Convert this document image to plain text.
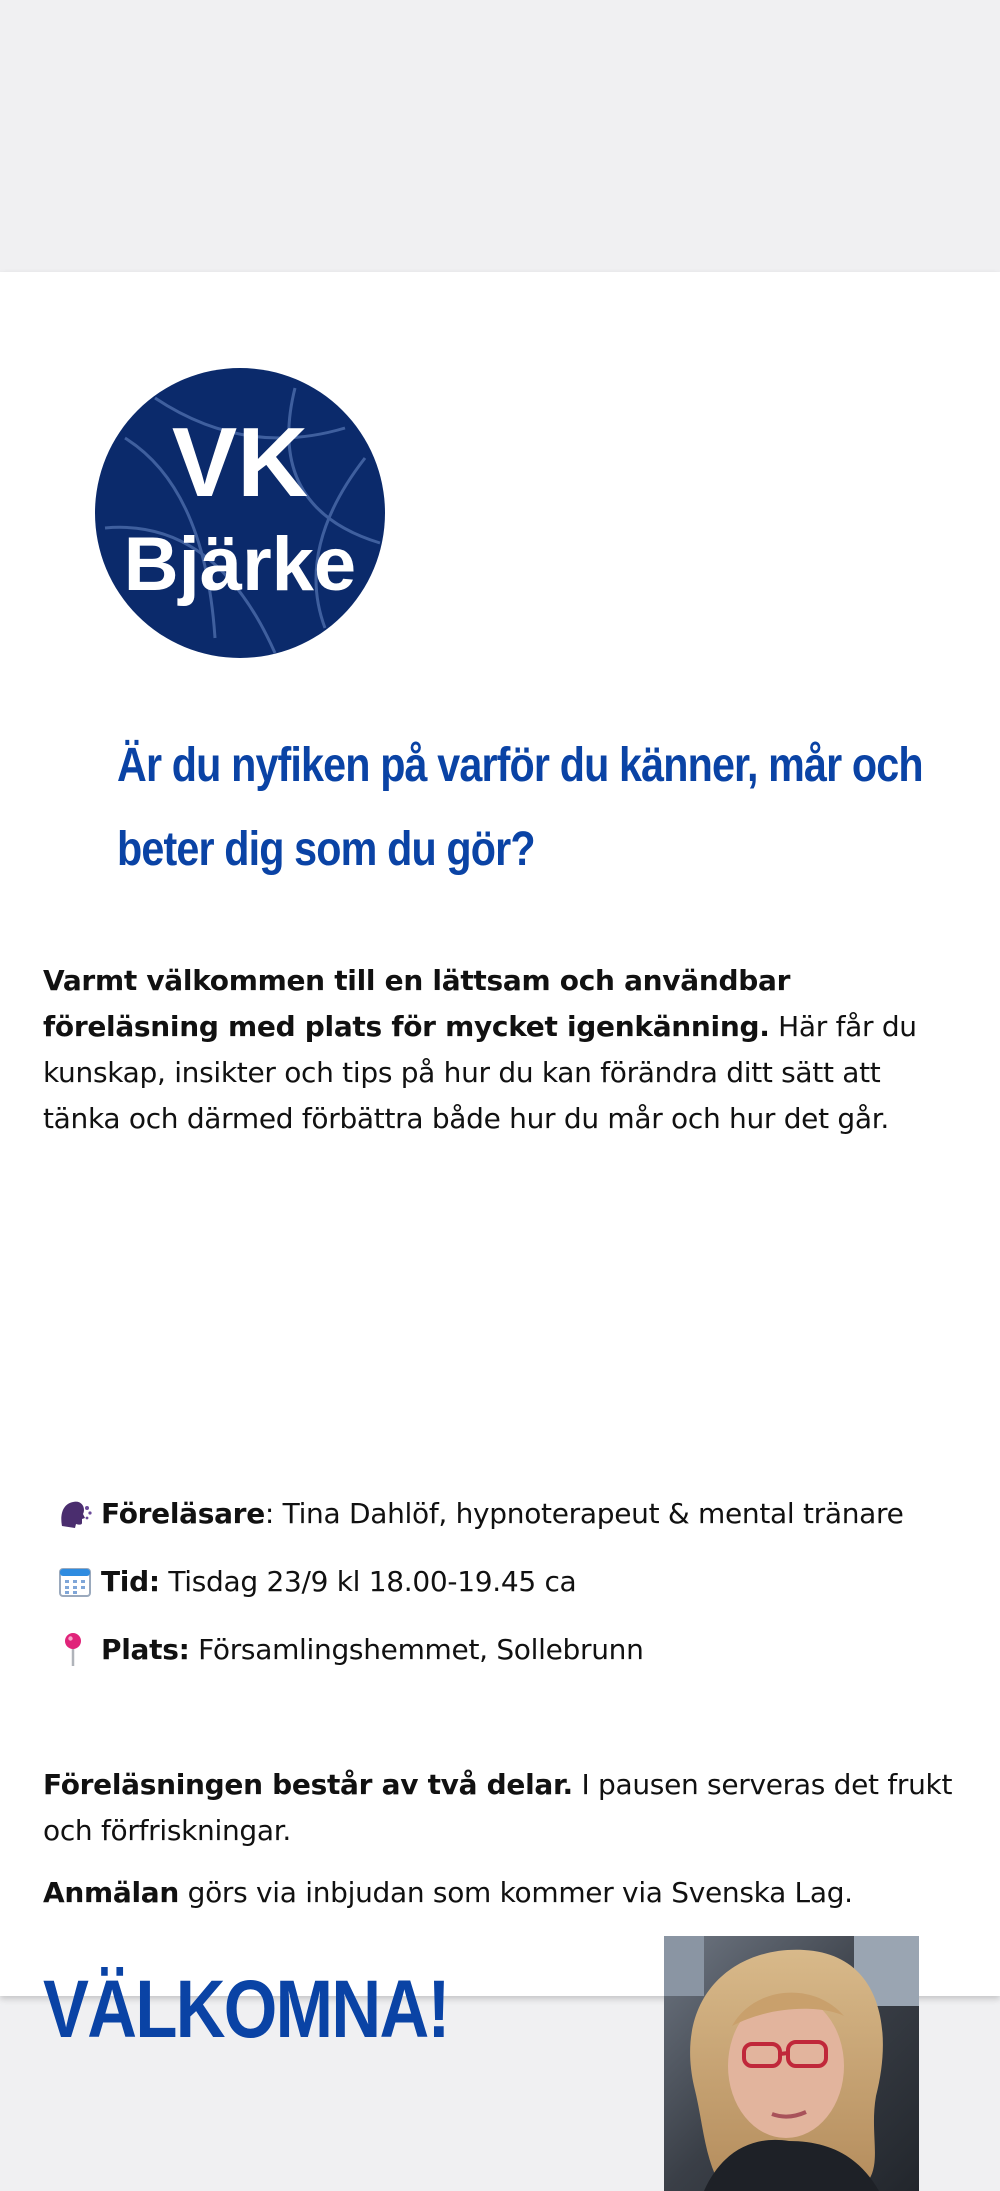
VK
Bjärke
Är du nyfiken på varför du känner, mår och
beter dig som du gör?

Varmt välkommen till en lättsam och användbar föreläsning med plats för mycket igenkänning. Här får du kunskap, insikter och tips på hur du kan förändra ditt sätt att tänka och därmed förbättra både hur du mår och hur det går.

Föreläsare: Tina Dahlöf, hypnoterapeut & mental tränare
Tid: Tisdag 23/9 kl 18.00-19.45 ca
Plats: Församlingshemmet, Sollebrunn

Föreläsningen består av två delar. I pausen serveras det frukt och förfriskningar.

Anmälan görs via inbjudan som kommer via Svenska Lag.

VÄLKOMNA!
